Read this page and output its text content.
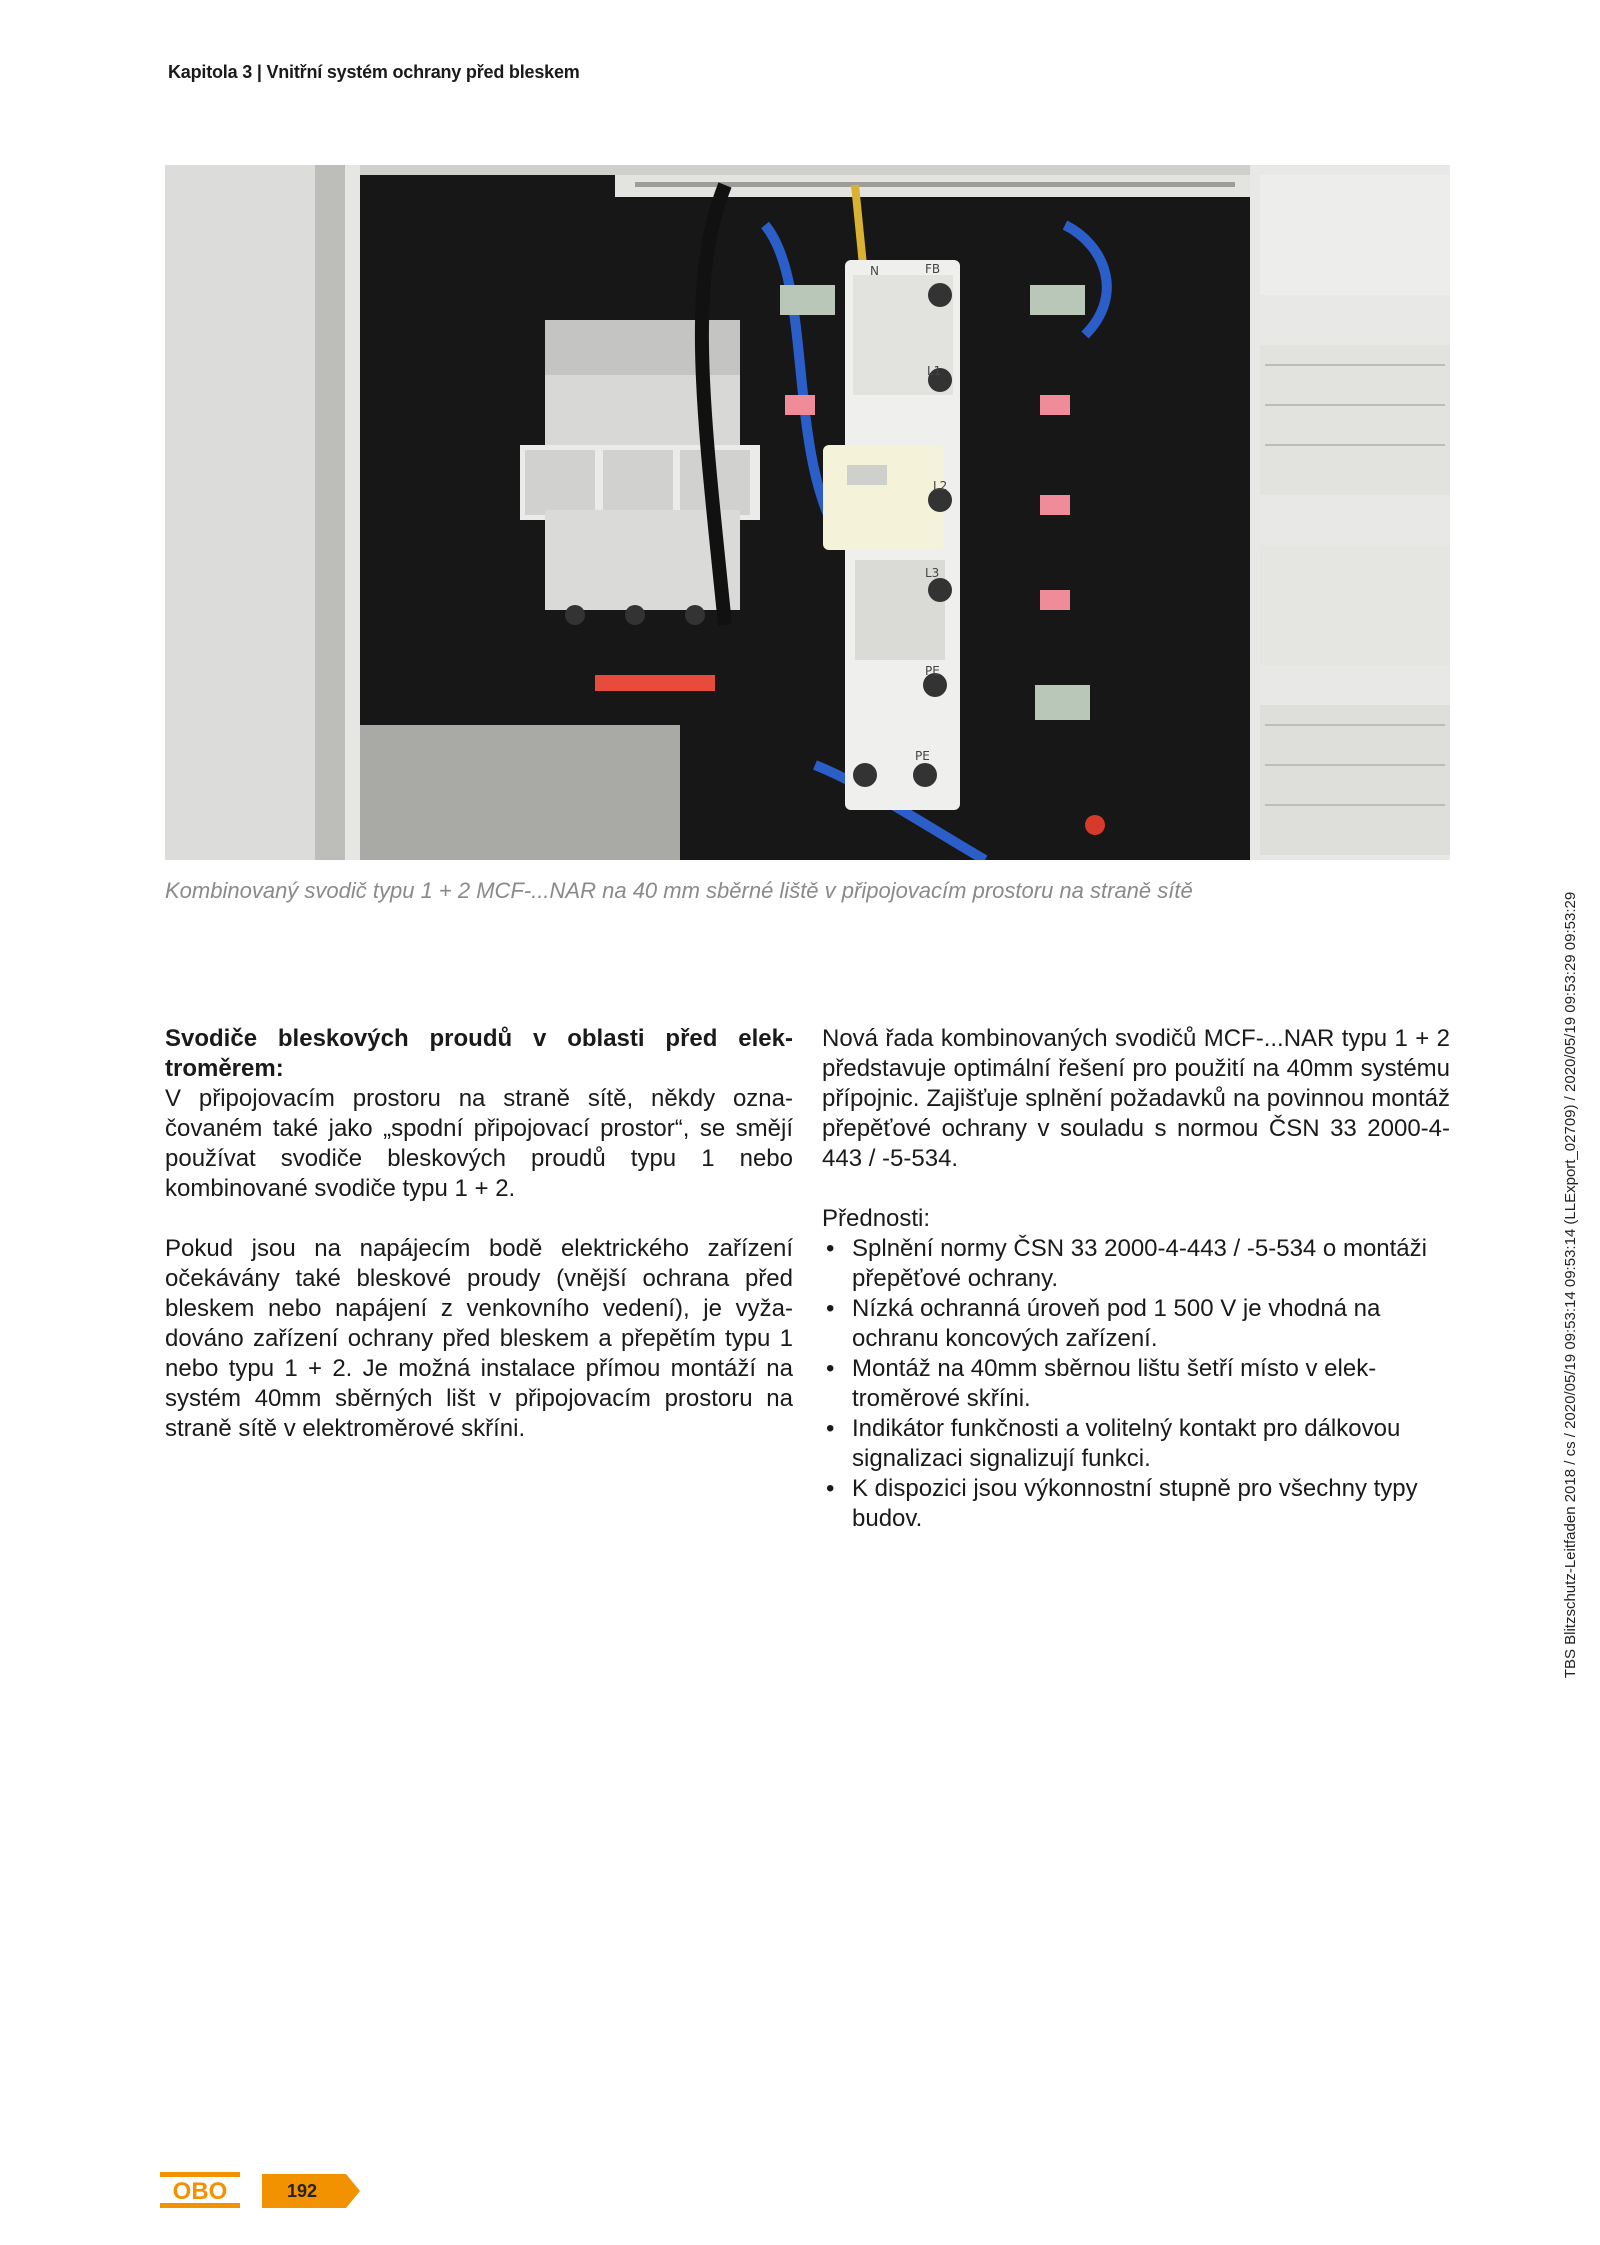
Kapitola 3 | Vnitřní systém ochrany před bleskem
N	FB
L1
L2
L3
PE
PE
Kombinovaný svodič typu 1 + 2 MCF-...NAR na 40 mm sběrné liště v připojovacím prostoru na straně sítě

Svodiče bleskových proudů v oblasti před elektroměrem:

V připojovacím prostoru na straně sítě, někdy označovaném také jako „spodní připojovací prostor“, se smějí používat svodiče bleskových proudů typu 1 nebo kombinované svodiče typu 1 + 2.

Pokud jsou na napájecím bodě elektrického zařízení očekávány také bleskové proudy (vnější ochrana před bleskem nebo napájení z venkovního vedení), je vyžadováno zařízení ochrany před bleskem a přepětím typu 1 nebo typu 1 + 2. Je možná instalace přímou montáží na systém 40mm sběrných lišt v připojovacím prostoru na straně sítě v elektroměrové skříni.

Nová řada kombinovaných svodičů MCF-...NAR typu 1 + 2 představuje optimální řešení pro použití na 40mm systému přípojnic. Zajišťuje splnění požadavků na povinnou montáž přepěťové ochrany v souladu s normou ČSN 33 2000-4-443 / -5-534.

Přednosti:

• Splnění normy ČSN 33 2000-4-443 / -5-534 o montáži přepěťové ochrany.
• Nízká ochranná úroveň pod 1 500 V je vhodná na ochranu koncových zařízení.
• Montáž na 40mm sběrnou lištu šetří místo v elektroměrové skříni.
• Indikátor funkčnosti a volitelný kontakt pro dálkovou signalizaci signalizují funkci.
• K dispozici jsou výkonnostní stupně pro všechny typy budov.	TBS Blitzschutz-Leitfaden 2018 / cs / 2020/05/19 09:53:14 09:53:14 (LLExport_02709) / 2020/05/19 09:53:29 09:53:29
OBO	192
